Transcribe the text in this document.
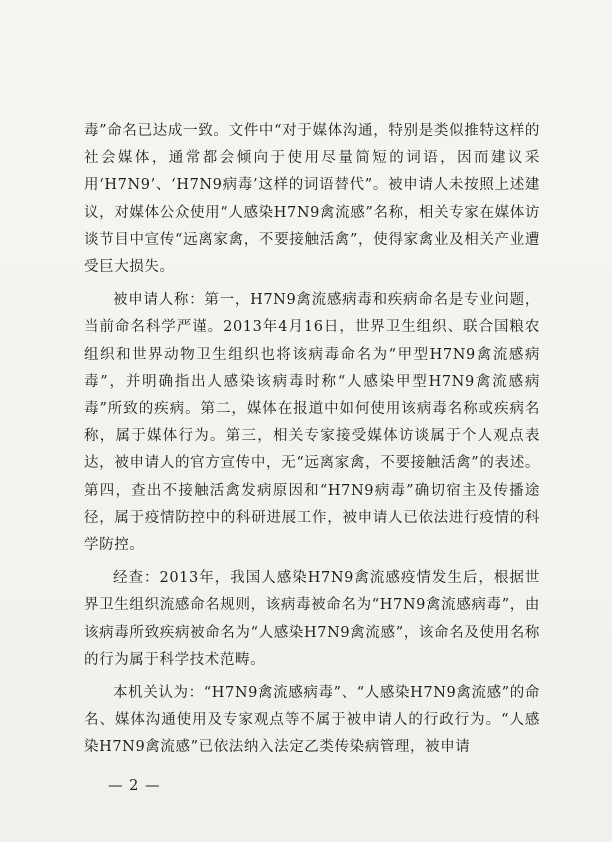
毒”命名已达成一致。文件中“对于媒体沟通，特别是类似推特这样的社会媒体，通常都会倾向于使用尽量简短的词语，因而建议采用‘H7N9’、‘H7N9病毒’这样的词语替代”。被申请人未按照上述建议，对媒体公众使用“人感染H7N9禽流感”名称，相关专家在媒体访谈节目中宣传“远离家禽，不要接触活禽”，使得家禽业及相关产业遭受巨大损失。

被申请人称：第一，H7N9禽流感病毒和疾病命名是专业问题，当前命名科学严谨。2013年4月16日，世界卫生组织、联合国粮农组织和世界动物卫生组织也将该病毒命名为“甲型H7N9禽流感病毒”，并明确指出人感染该病毒时称“人感染甲型H7N9禽流感病毒”所致的疾病。第二，媒体在报道中如何使用该病毒名称或疾病名称，属于媒体行为。第三，相关专家接受媒体访谈属于个人观点表达，被申请人的官方宣传中，无“远离家禽，不要接触活禽”的表述。第四，查出不接触活禽发病原因和“H7N9病毒”确切宿主及传播途径，属于疫情防控中的科研进展工作，被申请人已依法进行疫情的科学防控。

经查：2013年，我国人感染H7N9禽流感疫情发生后，根据世界卫生组织流感命名规则，该病毒被命名为“H7N9禽流感病毒”，由该病毒所致疾病被命名为“人感染H7N9禽流感”，该命名及使用名称的行为属于科学技术范畴。

本机关认为：“H7N9禽流感病毒”、“人感染H7N9禽流感”的命名、媒体沟通使用及专家观点等不属于被申请人的行政行为。“人感染H7N9禽流感”已依法纳入法定乙类传染病管理，被申请

— 2 —
